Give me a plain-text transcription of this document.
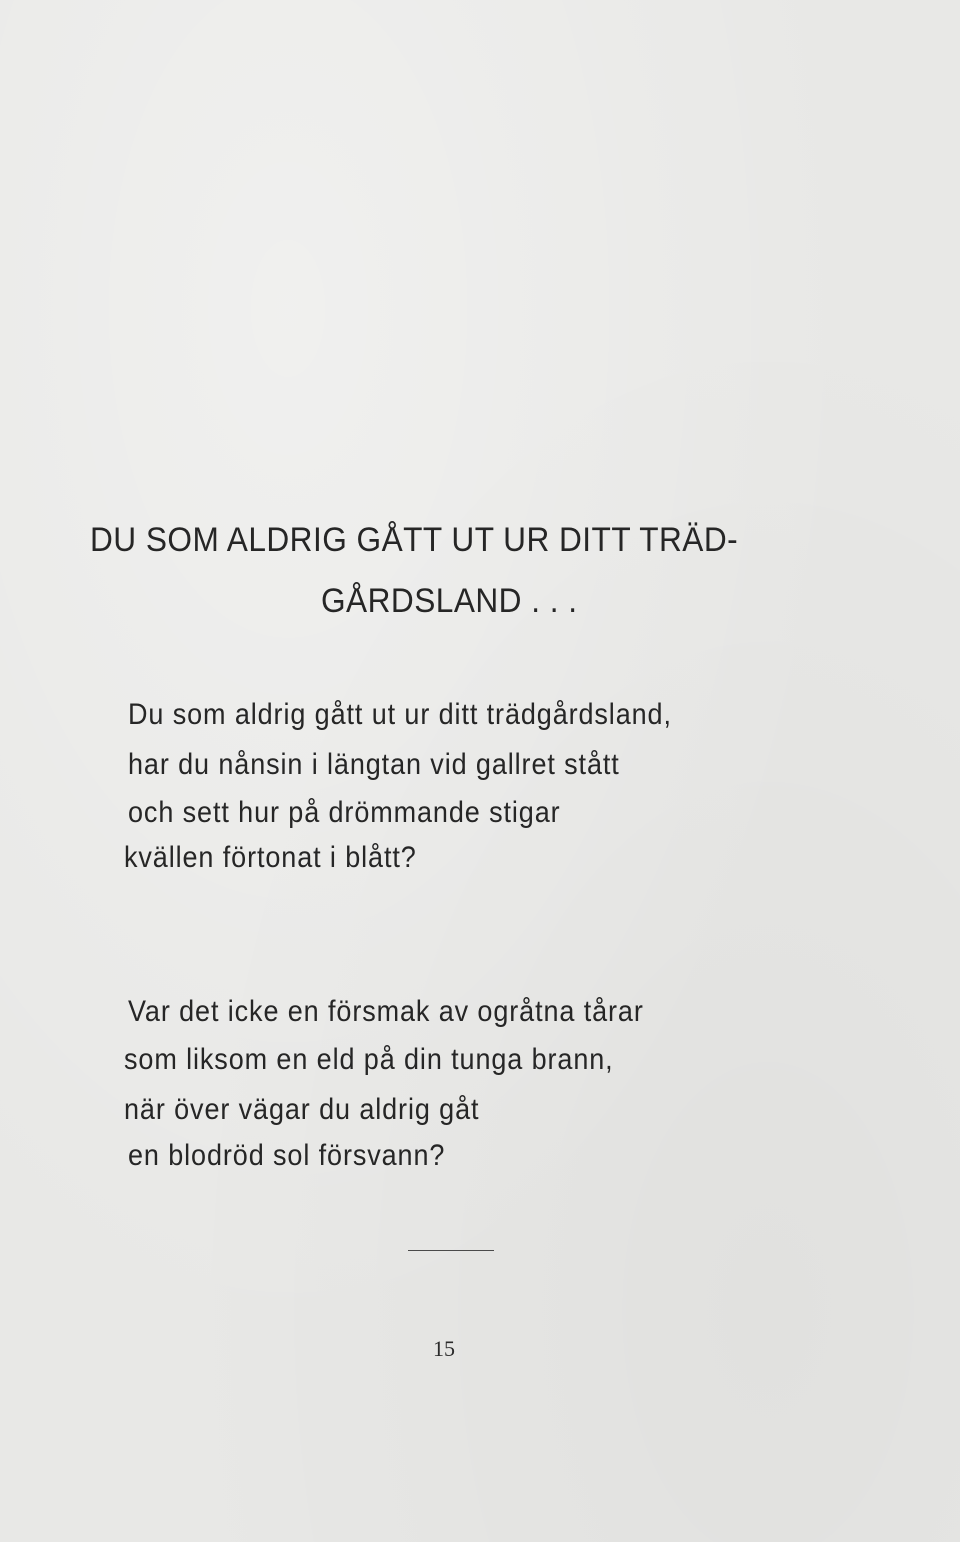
DU SOM ALDRIG GÅTT UT UR DITT TRÄD-
GÅRDSLAND . . .
Du som aldrig gått ut ur ditt trädgårdsland,
har du nånsin i längtan vid gallret stått
och sett hur på drömmande stigar
kvällen förtonat i blått?
Var det icke en försmak av ogråtna tårar
som liksom en eld på din tunga brann,
när över vägar du aldrig gåt
en blodröd sol försvann?
15
